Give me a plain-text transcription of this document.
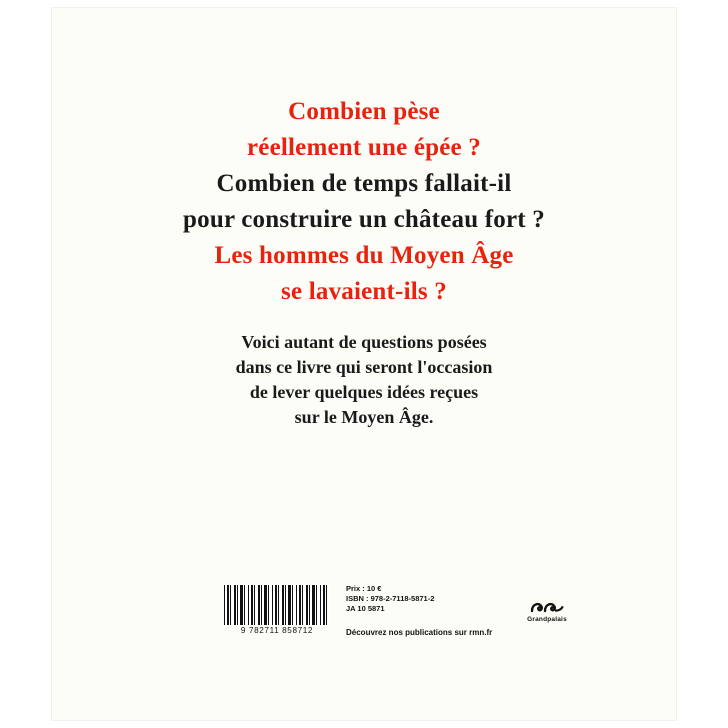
Combien pèse
réellement une épée ?
Combien de temps fallait-il
pour construire un château fort ?
Les hommes du Moyen Âge
se lavaient-ils ?
Voici autant de questions posées
dans ce livre qui seront l'occasion
de lever quelques idées reçues
sur le Moyen Âge.
9 782711 858712
Prix : 10 €
ISBN : 978-2-7118-5871-2
JA 10 5871
Découvrez nos publications sur rmn.fr
Grandpalais
